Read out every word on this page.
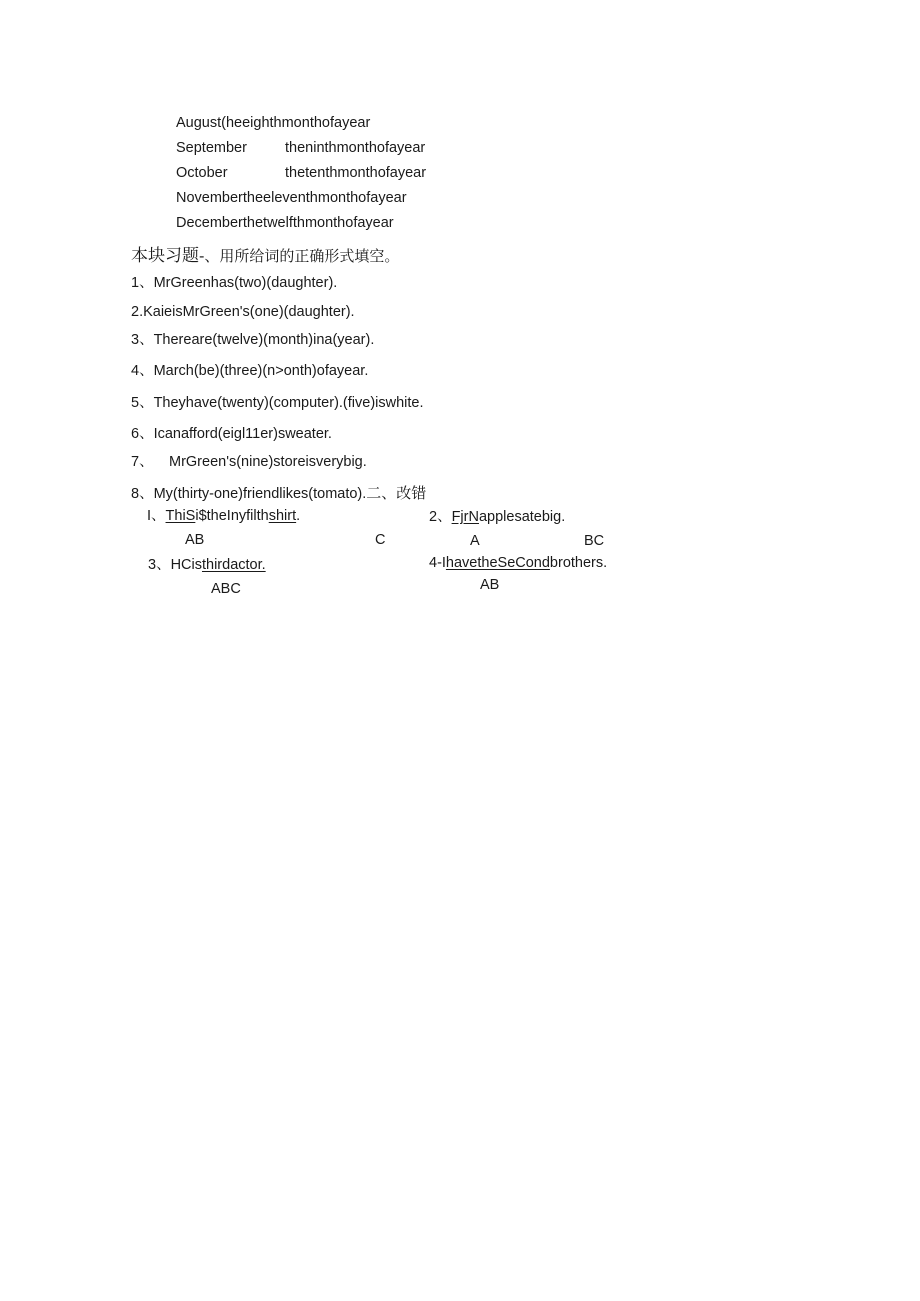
August(heeighthmonthofayear
September	theninthmonthofayear
October	thetenthmonthofayear
Novembertheeleventhmonthofayear
Decemberthetwelfthmonthofayear
本块习题-、用所给词的正确形式填空。
1、MrGreenhas(two)(daughter).
2.KaieisMrGreen's(one)(daughter).
3、Thereare(twelve)(month)ina(year).
4、March(be)(three)(n>onth)ofayear.
5、Theyhave(twenty)(computer).(five)iswhite.
6、Icanafford(eigl11er)sweater.
7、 MrGreen's(nine)storeisverybig.
8、My(thirty-one)friendlikes(tomato).二、改错
I、ThiSi$theInyfilthshirt.
AB	C
2、FjrNapplesatebig.
A	BC
3、HCisthirdactor.
ABC
4-IhavetheSeCondbrothers.
AB
